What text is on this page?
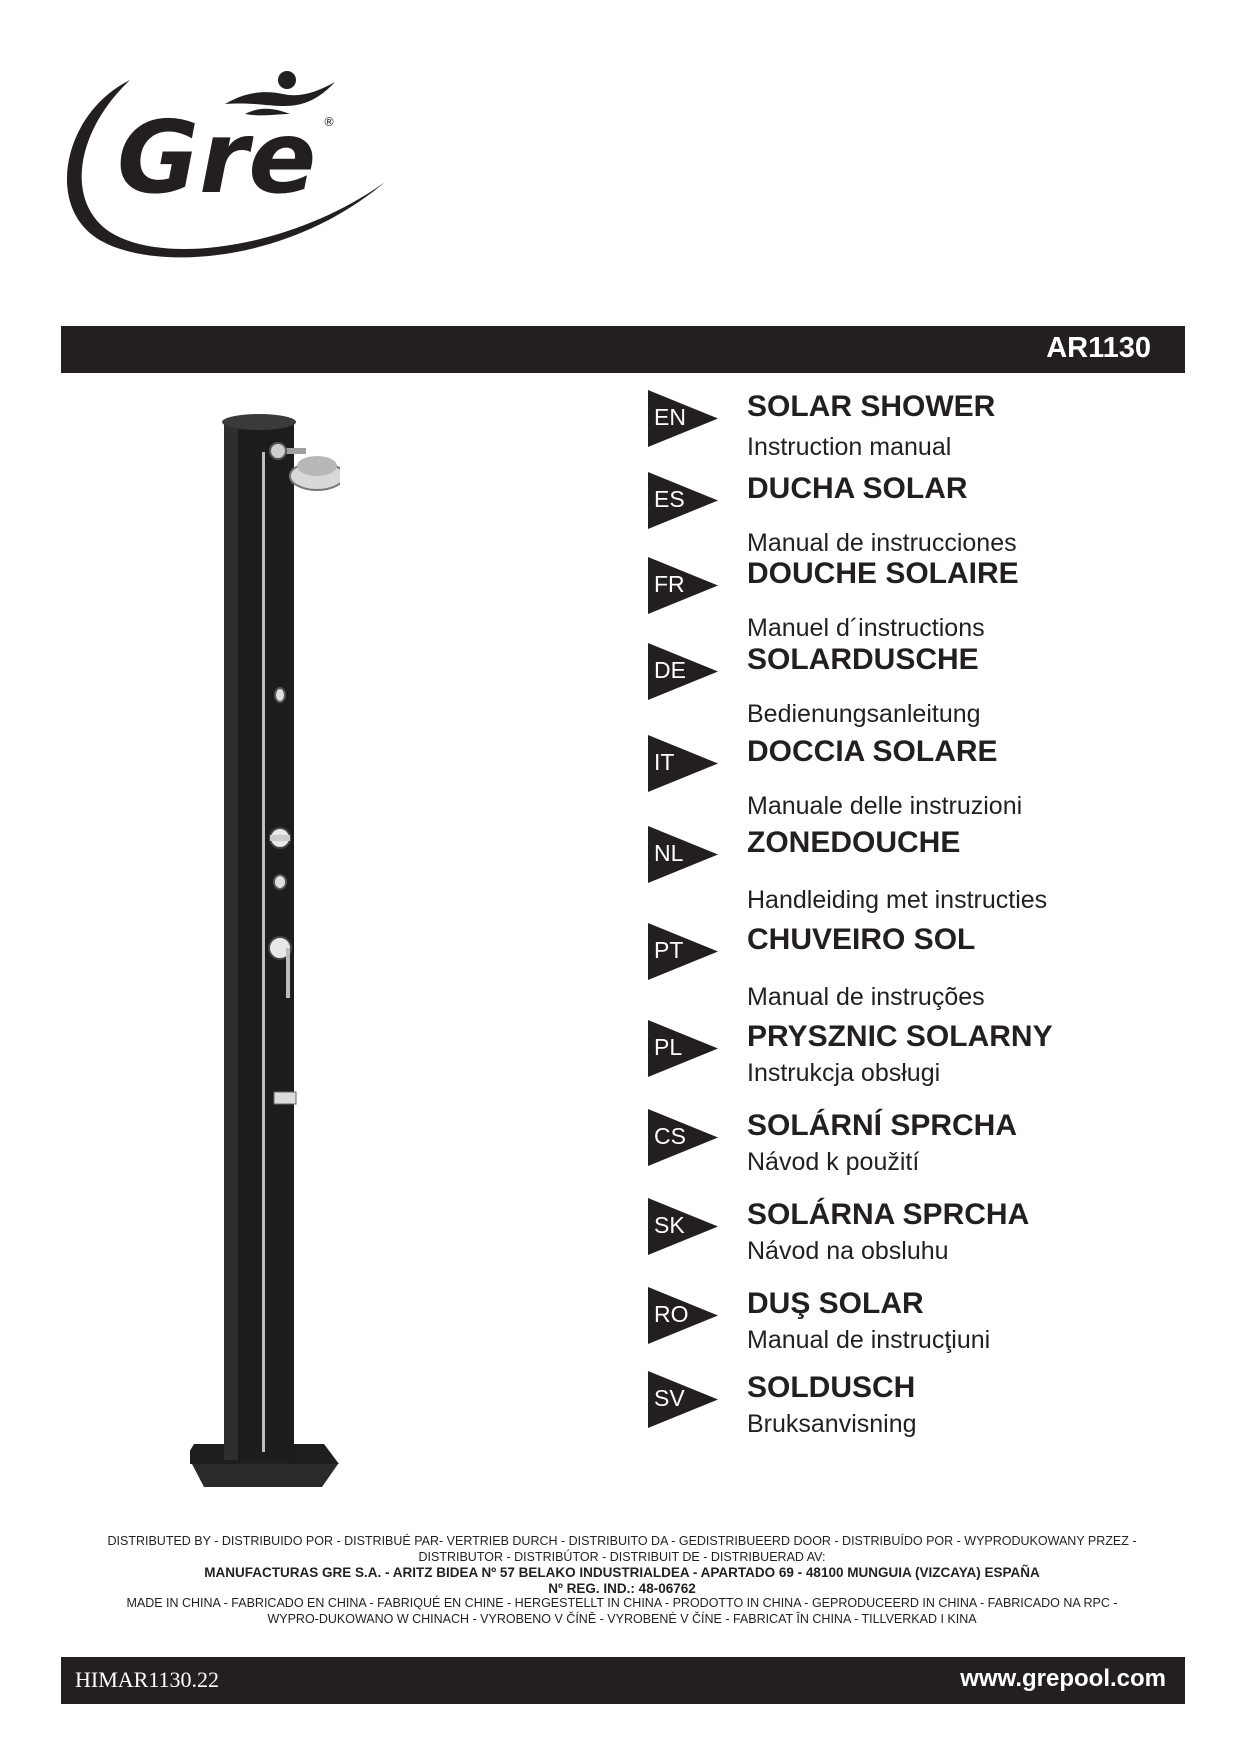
Gre ®
AR1130
EN SOLAR SHOWER
Instruction manual
ES DUCHA SOLAR
Manual de instrucciones
FR DOUCHE SOLAIRE
Manuel d´instructions
DE SOLARDUSCHE
Bedienungsanleitung
IT DOCCIA SOLARE
Manuale delle instruzioni
NL ZONEDOUCHE
Handleiding met instructies
PT CHUVEIRO SOL
Manual de instruções
PL PRYSZNIC SOLARNY
Instrukcja obsługi
CS SOLÁRNÍ SPRCHA
Návod k použití
SK SOLÁRNA SPRCHA
Návod na obsluhu
RO DUŞ SOLAR
Manual de instrucţiuni
SV SOLDUSCH
Bruksanvisning
DISTRIBUTED BY - DISTRIBUIDO POR - DISTRIBUÉ PAR- VERTRIEB DURCH - DISTRIBUITO DA - GEDISTRIBUEERD DOOR - DISTRIBUÍDO POR - WYPRODUKOWANY PRZEZ -
DISTRIBUTOR - DISTRIBÚTOR - DISTRIBUIT DE - DISTRIBUERAD AV:
MANUFACTURAS GRE S.A. - ARITZ BIDEA Nº 57 BELAKO INDUSTRIALDEA - APARTADO 69 - 48100 MUNGUIA (VIZCAYA) ESPAÑA
Nº REG. IND.: 48-06762
MADE IN CHINA - FABRICADO EN CHINA - FABRIQUÉ EN CHINE - HERGESTELLT IN CHINA - PRODOTTO IN CHINA - GEPRODUCEERD IN CHINA - FABRICADO NA RPC -
WYPRO-DUKOWANO W CHINACH - VYROBENO V ČÍNĚ - VYROBENÉ V ČÍNE - FABRICAT ÎN CHINA - TILLVERKAD I KINA
HIMAR1130.22	www.grepool.com
